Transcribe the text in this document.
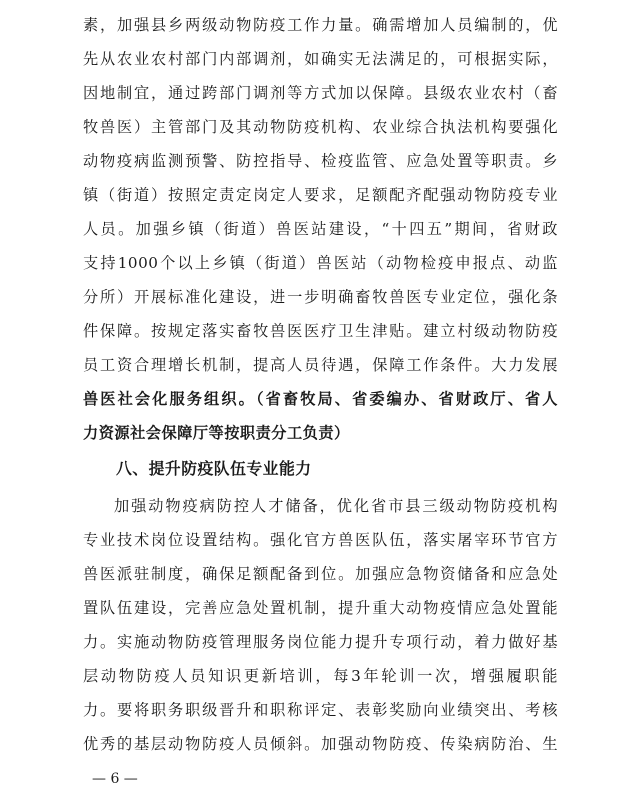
素，加强县乡两级动物防疫工作力量。确需增加人员编制的，优
先从农业农村部门内部调剂，如确实无法满足的，可根据实际，
因地制宜，通过跨部门调剂等方式加以保障。县级农业农村（畜
牧兽医）主管部门及其动物防疫机构、农业综合执法机构要强化
动物疫病监测预警、防控指导、检疫监管、应急处置等职责。乡
镇（街道）按照定责定岗定人要求，足额配齐配强动物防疫专业
人员。加强乡镇（街道）兽医站建设，“十四五”期间，省财政
支持1000个以上乡镇（街道）兽医站（动物检疫申报点、动监
分所）开展标准化建设，进一步明确畜牧兽医专业定位，强化条
件保障。按规定落实畜牧兽医医疗卫生津贴。建立村级动物防疫
员工资合理增长机制，提高人员待遇，保障工作条件。大力发展
兽医社会化服务组织。（省畜牧局、省委编办、省财政厅、省人
力资源社会保障厅等按职责分工负责）
八、提升防疫队伍专业能力
加强动物疫病防控人才储备，优化省市县三级动物防疫机构
专业技术岗位设置结构。强化官方兽医队伍，落实屠宰环节官方
兽医派驻制度，确保足额配备到位。加强应急物资储备和应急处
置队伍建设，完善应急处置机制，提升重大动物疫情应急处置能
力。实施动物防疫管理服务岗位能力提升专项行动，着力做好基
层动物防疫人员知识更新培训，每3年轮训一次，增强履职能
力。要将职务职级晋升和职称评定、表彰奖励向业绩突出、考核
优秀的基层动物防疫人员倾斜。加强动物防疫、传染病防治、生
— 6 —
